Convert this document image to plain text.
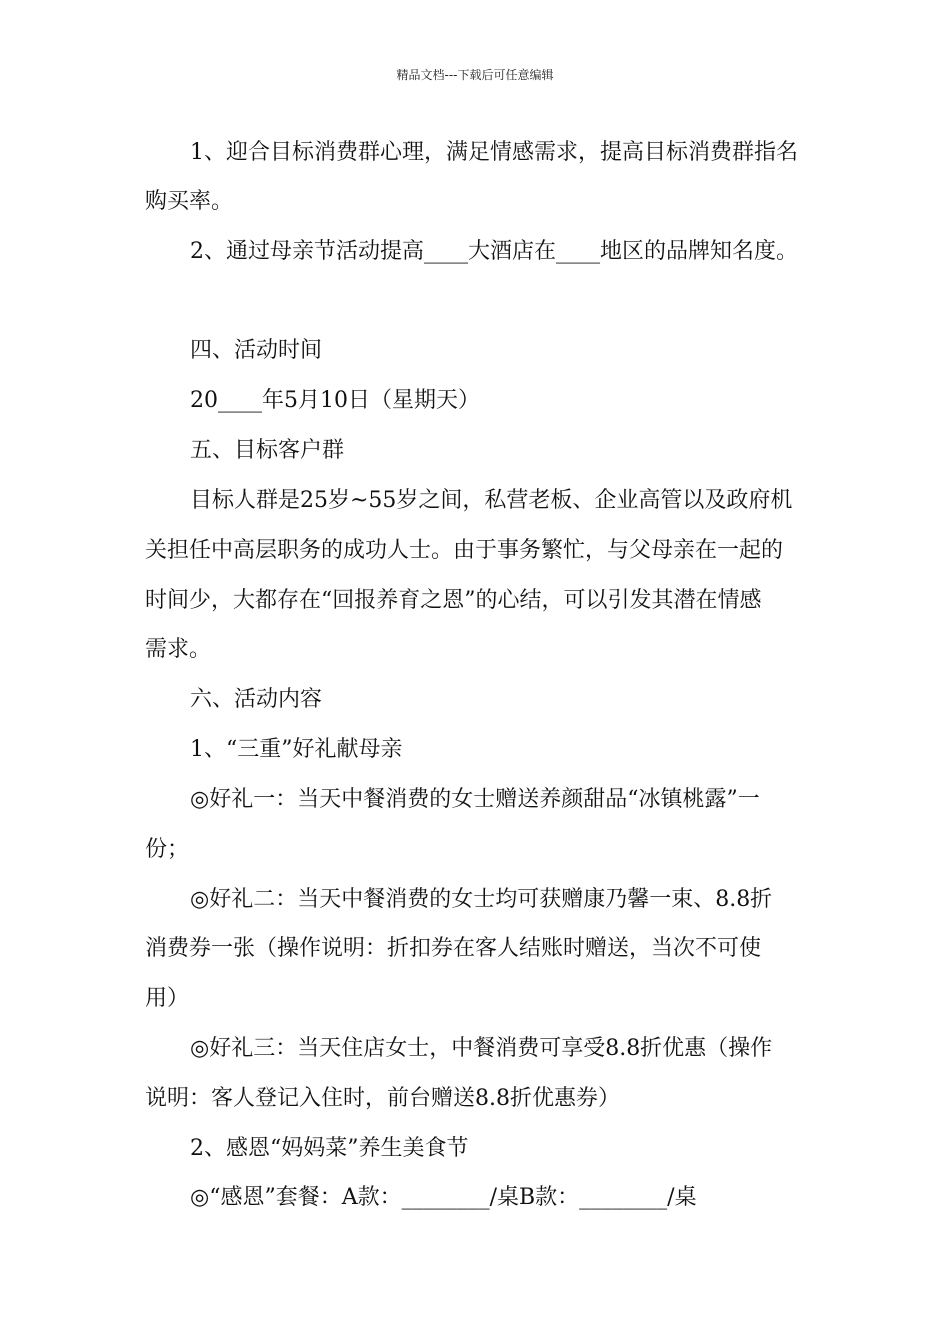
精品文档---下载后可任意编辑
1、迎合目标消费群心理，满足情感需求，提高目标消费群指名
购买率。
2、通过母亲节活动提高____大酒店在____地区的品牌知名度。
四、活动时间
20____年5月10日（星期天）
五、目标客户群
目标人群是25岁~55岁之间，私营老板、企业高管以及政府机
关担任中高层职务的成功人士。由于事务繁忙，与父母亲在一起的
时间少，大都存在“回报养育之恩”的心结，可以引发其潜在情感
需求。
六、活动内容
1、“三重”好礼献母亲
◎好礼一：当天中餐消费的女士赠送养颜甜品“冰镇桃露”一
份；
◎好礼二：当天中餐消费的女士均可获赠康乃馨一束、8.8折
消费券一张（操作说明：折扣券在客人结账时赠送，当次不可使
用）
◎好礼三：当天住店女士，中餐消费可享受8.8折优惠（操作
说明：客人登记入住时，前台赠送8.8折优惠券）
2、感恩“妈妈菜”养生美食节
◎“感恩”套餐：A款：________/桌B款：________/桌
